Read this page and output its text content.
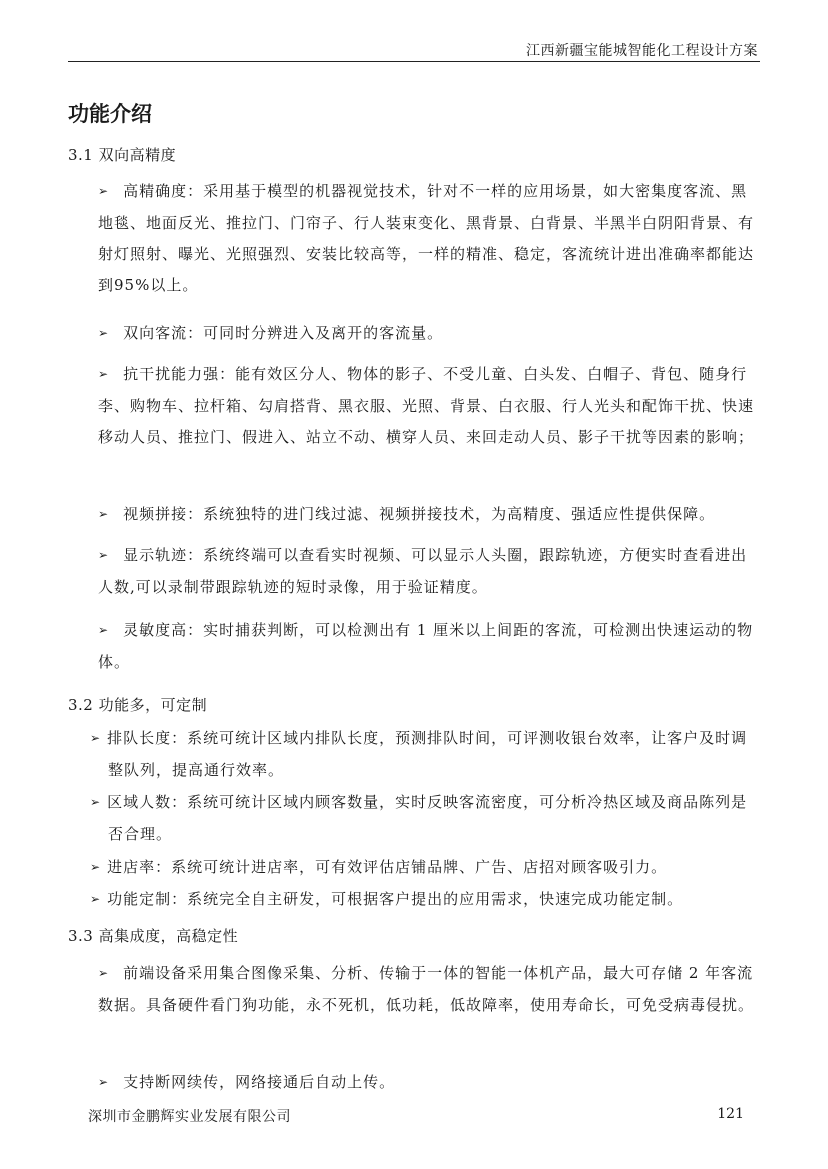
江西新疆宝能城智能化工程设计方案
功能介绍
3.1 双向高精度
➢ 高精确度：采用基于模型的机器视觉技术，针对不一样的应用场景，如大密集度客流、黑地毯、地面反光、推拉门、门帘子、行人装束变化、黑背景、白背景、半黑半白阴阳背景、有射灯照射、曝光、光照强烈、安装比较高等，一样的精准、稳定，客流统计进出准确率都能达到95%以上。
➢ 双向客流：可同时分辨进入及离开的客流量。
➢ 抗干扰能力强：能有效区分人、物体的影子、不受儿童、白头发、白帽子、背包、随身行李、购物车、拉杆箱、勾肩搭背、黑衣服、光照、背景、白衣服、行人光头和配饰干扰、快速移动人员、推拉门、假进入、站立不动、横穿人员、来回走动人员、影子干扰等因素的影响；
➢ 视频拼接：系统独特的进门线过滤、视频拼接技术，为高精度、强适应性提供保障。
➢ 显示轨迹：系统终端可以查看实时视频、可以显示人头圈，跟踪轨迹，方便实时查看进出人数,可以录制带跟踪轨迹的短时录像，用于验证精度。
➢ 灵敏度高：实时捕获判断，可以检测出有 1 厘米以上间距的客流，可检测出快速运动的物体。
3.2 功能多，可定制
➢ 排队长度：系统可统计区域内排队长度，预测排队时间，可评测收银台效率，让客户及时调整队列，提高通行效率。
➢ 区域人数：系统可统计区域内顾客数量，实时反映客流密度，可分析冷热区域及商品陈列是否合理。
➢ 进店率：系统可统计进店率，可有效评估店铺品牌、广告、店招对顾客吸引力。
➢ 功能定制：系统完全自主研发，可根据客户提出的应用需求，快速完成功能定制。
3.3 高集成度，高稳定性
➢ 前端设备采用集合图像采集、分析、传输于一体的智能一体机产品，最大可存储 2 年客流数据。具备硬件看门狗功能，永不死机，低功耗，低故障率，使用寿命长，可免受病毒侵扰。
➢ 支持断网续传，网络接通后自动上传。
深圳市金鹏辉实业发展有限公司	121
